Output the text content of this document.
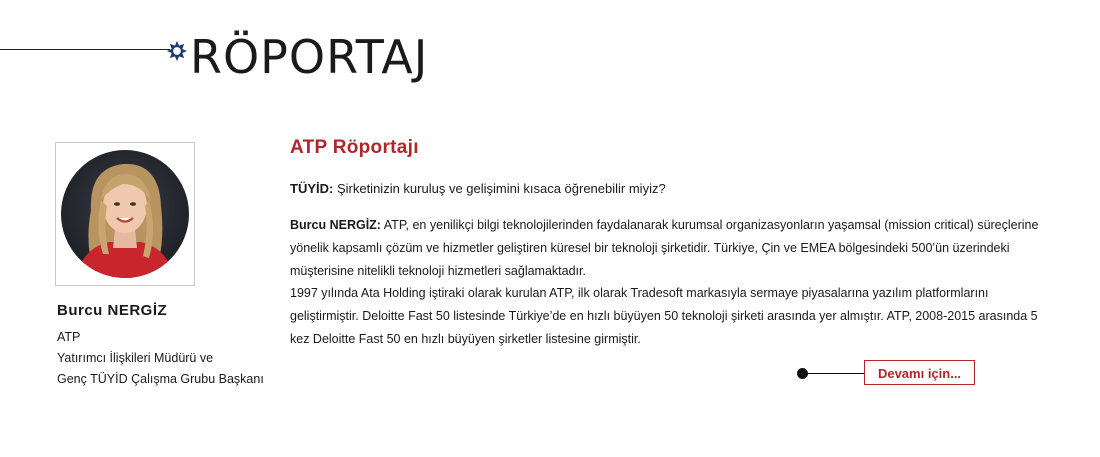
RÖPORTAJ
Burcu NERGİZ
ATP
Yatırımcı İlişkileri Müdürü ve
Genç TÜYİD Çalışma Grubu Başkanı
ATP Röportajı

TÜYİD: Şirketinizin kuruluş ve gelişimini kısaca öğrenebilir miyiz?

Burcu NERGİZ: ATP, en yenilikçi bilgi teknolojilerinden faydalanarak kurumsal organizasyonların yaşamsal (mission critical) süreçlerine yönelik kapsamlı çözüm ve hizmetler geliştiren küresel bir teknoloji şirketidir. Türkiye, Çin ve EMEA bölgesindeki 500’ün üzerindeki müşterisine nitelikli teknoloji hizmetleri sağlamaktadır.
1997 yılında Ata Holding iştiraki olarak kurulan ATP, ilk olarak Tradesoft markasıyla sermaye piyasalarına yazılım platformlarını geliştirmiştir. Deloitte Fast 50 listesinde Türkiye’de en hızlı büyüyen 50 teknoloji şirketi arasında yer almıştır. ATP, 2008-2015 arasında 5 kez Deloitte Fast 50 en hızlı büyüyen şirketler listesine girmiştir.
Devamı için...
